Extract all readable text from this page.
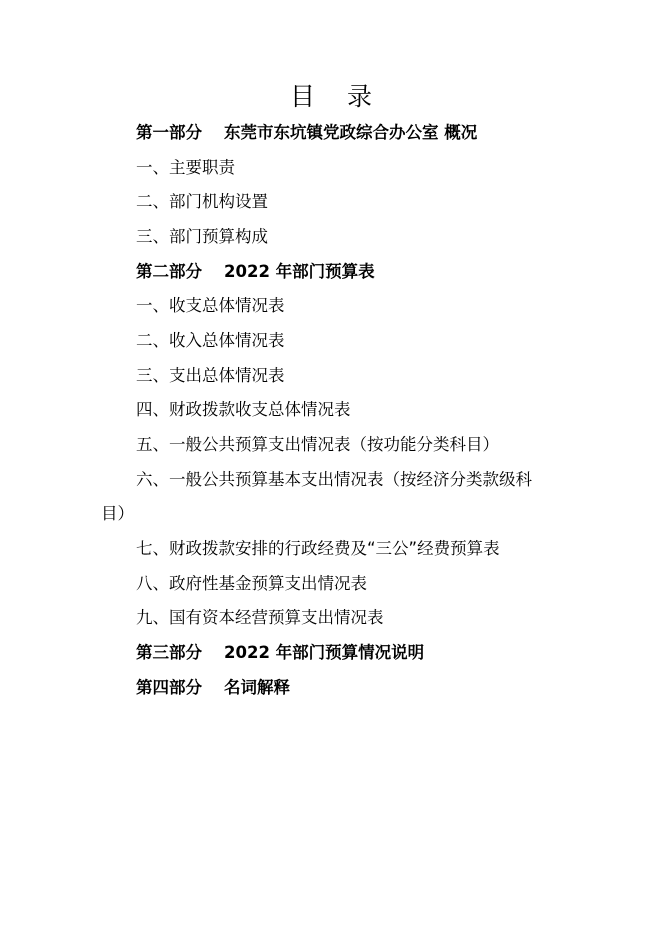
目 录
第一部分 东莞市东坑镇党政综合办公室 概况
一、主要职责
二、部门机构设置
三、部门预算构成
第二部分 2022 年部门预算表
一、收支总体情况表
二、收入总体情况表
三、支出总体情况表
四、财政拨款收支总体情况表
五、一般公共预算支出情况表（按功能分类科目）
六、一般公共预算基本支出情况表（按经济分类款级科
目）
七、财政拨款安排的行政经费及“三公”经费预算表
八、政府性基金预算支出情况表
九、国有资本经营预算支出情况表
第三部分 2022 年部门预算情况说明
第四部分 名词解释
